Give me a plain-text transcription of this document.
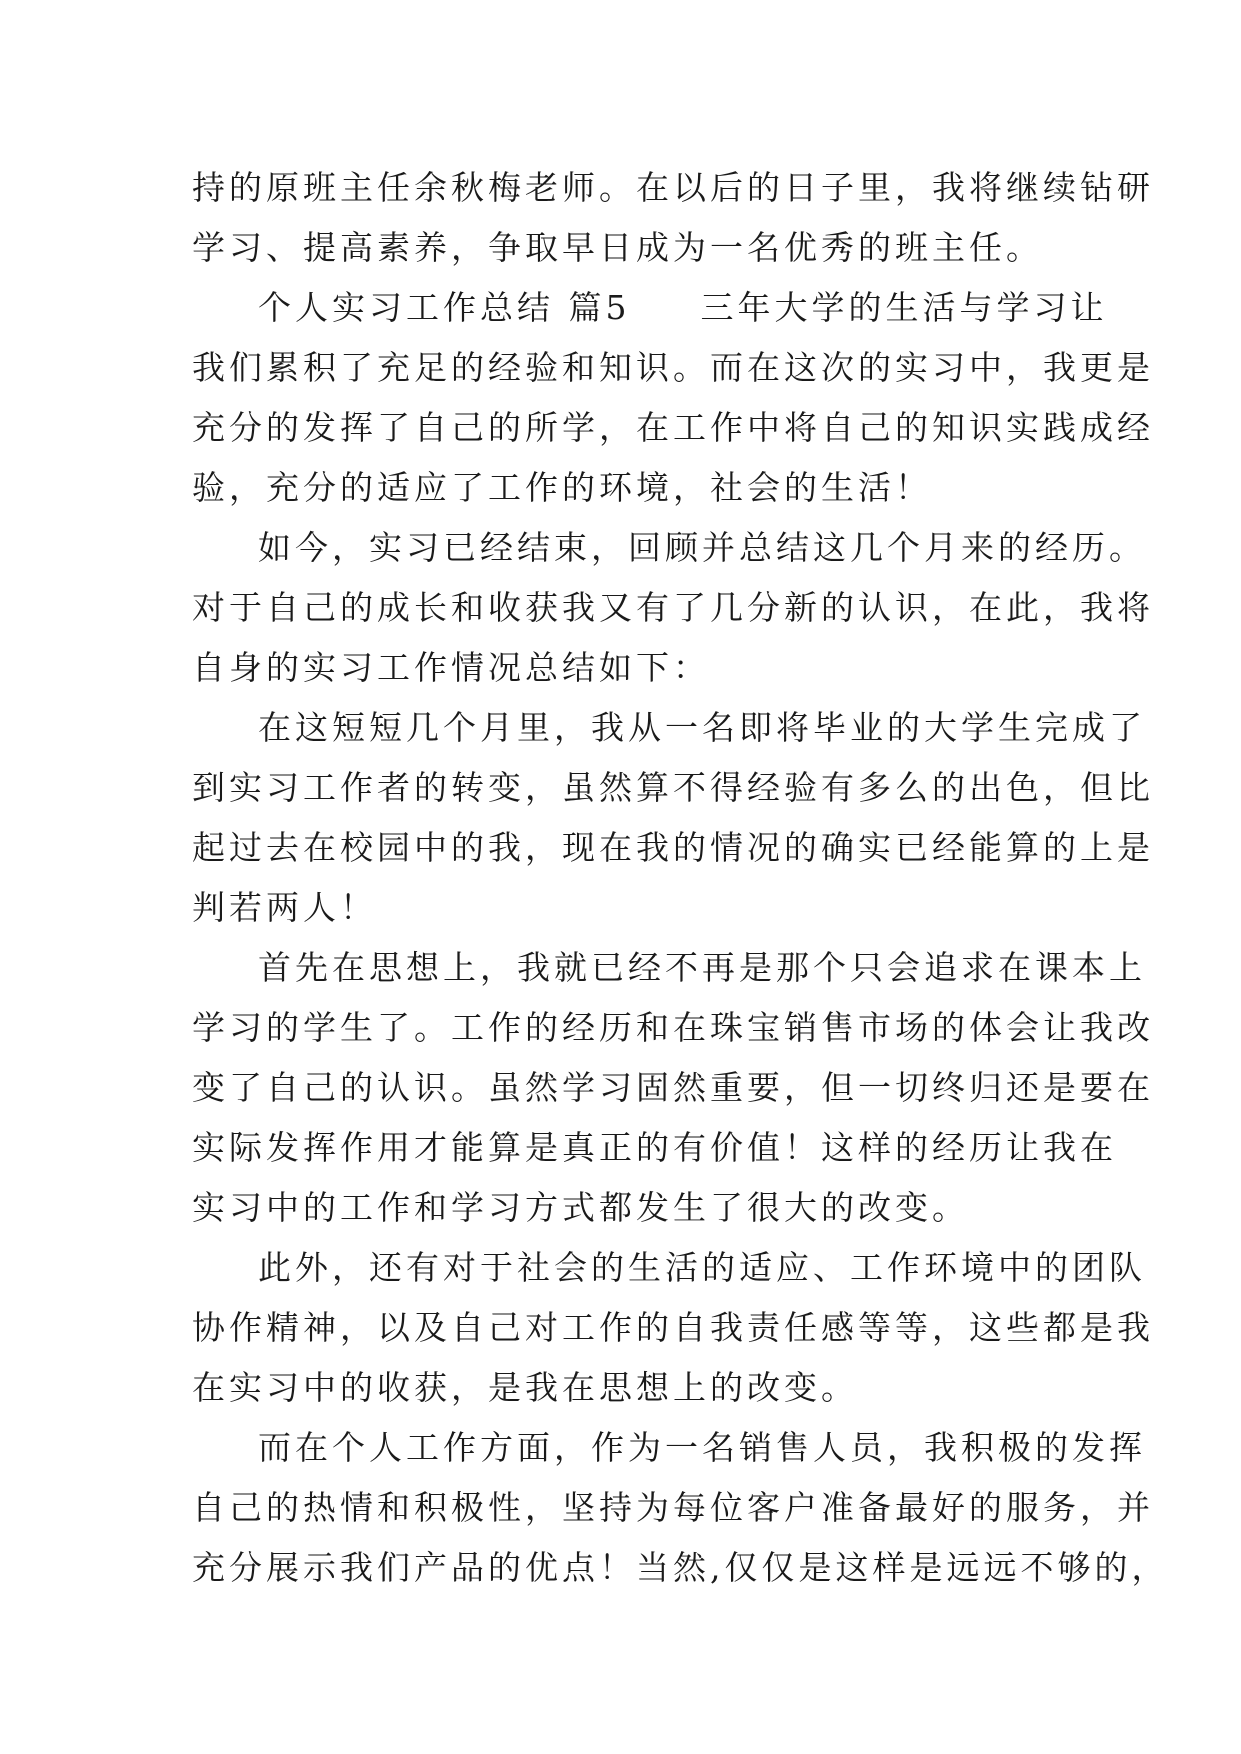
持的原班主任余秋梅老师。在以后的日子里，我将继续钻研
学习、提高素养，争取早日成为一名优秀的班主任。
个人实习工作总结 篇5 三年大学的生活与学习让
我们累积了充足的经验和知识。而在这次的实习中，我更是
充分的发挥了自己的所学，在工作中将自己的知识实践成经
验，充分的适应了工作的环境，社会的生活！
如今，实习已经结束，回顾并总结这几个月来的经历。
对于自己的成长和收获我又有了几分新的认识，在此，我将
自身的实习工作情况总结如下：
在这短短几个月里，我从一名即将毕业的大学生完成了
到实习工作者的转变，虽然算不得经验有多么的出色，但比
起过去在校园中的我，现在我的情况的确实已经能算的上是
判若两人！
首先在思想上，我就已经不再是那个只会追求在课本上
学习的学生了。工作的经历和在珠宝销售市场的体会让我改
变了自己的认识。虽然学习固然重要，但一切终归还是要在
实际发挥作用才能算是真正的有价值！这样的经历让我在
实习中的工作和学习方式都发生了很大的改变。
此外，还有对于社会的生活的适应、工作环境中的团队
协作精神，以及自己对工作的自我责任感等等，这些都是我
在实习中的收获，是我在思想上的改变。
而在个人工作方面，作为一名销售人员，我积极的发挥
自己的热情和积极性，坚持为每位客户准备最好的服务，并
充分展示我们产品的优点！当然,仅仅是这样是远远不够的，
